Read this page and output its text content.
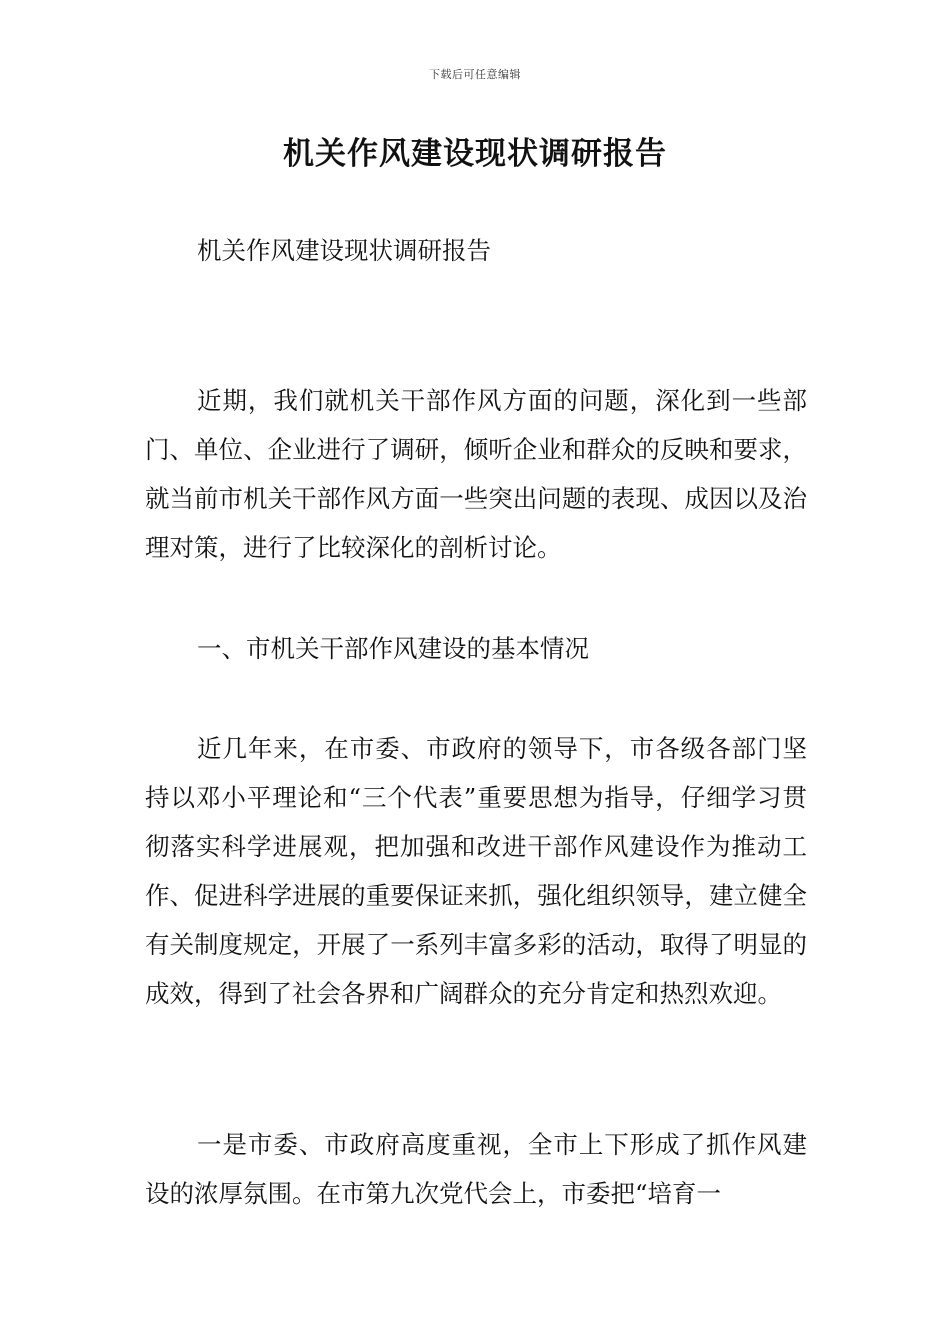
下载后可任意编辑
机关作风建设现状调研报告

机关作风建设现状调研报告

近期，我们就机关干部作风方面的问题，深化到一些部门、单位、企业进行了调研，倾听企业和群众的反映和要求，就当前市机关干部作风方面一些突出问题的表现、成因以及治理对策，进行了比较深化的剖析讨论。

一、市机关干部作风建设的基本情况

近几年来，在市委、市政府的领导下，市各级各部门坚持以邓小平理论和“三个代表”重要思想为指导，仔细学习贯彻落实科学进展观，把加强和改进干部作风建设作为推动工作、促进科学进展的重要保证来抓，强化组织领导，建立健全有关制度规定，开展了一系列丰富多彩的活动，取得了明显的成效，得到了社会各界和广阔群众的充分肯定和热烈欢迎。

一是市委、市政府高度重视，全市上下形成了抓作风建设的浓厚氛围。在市第九次党代会上，市委把“培育一
